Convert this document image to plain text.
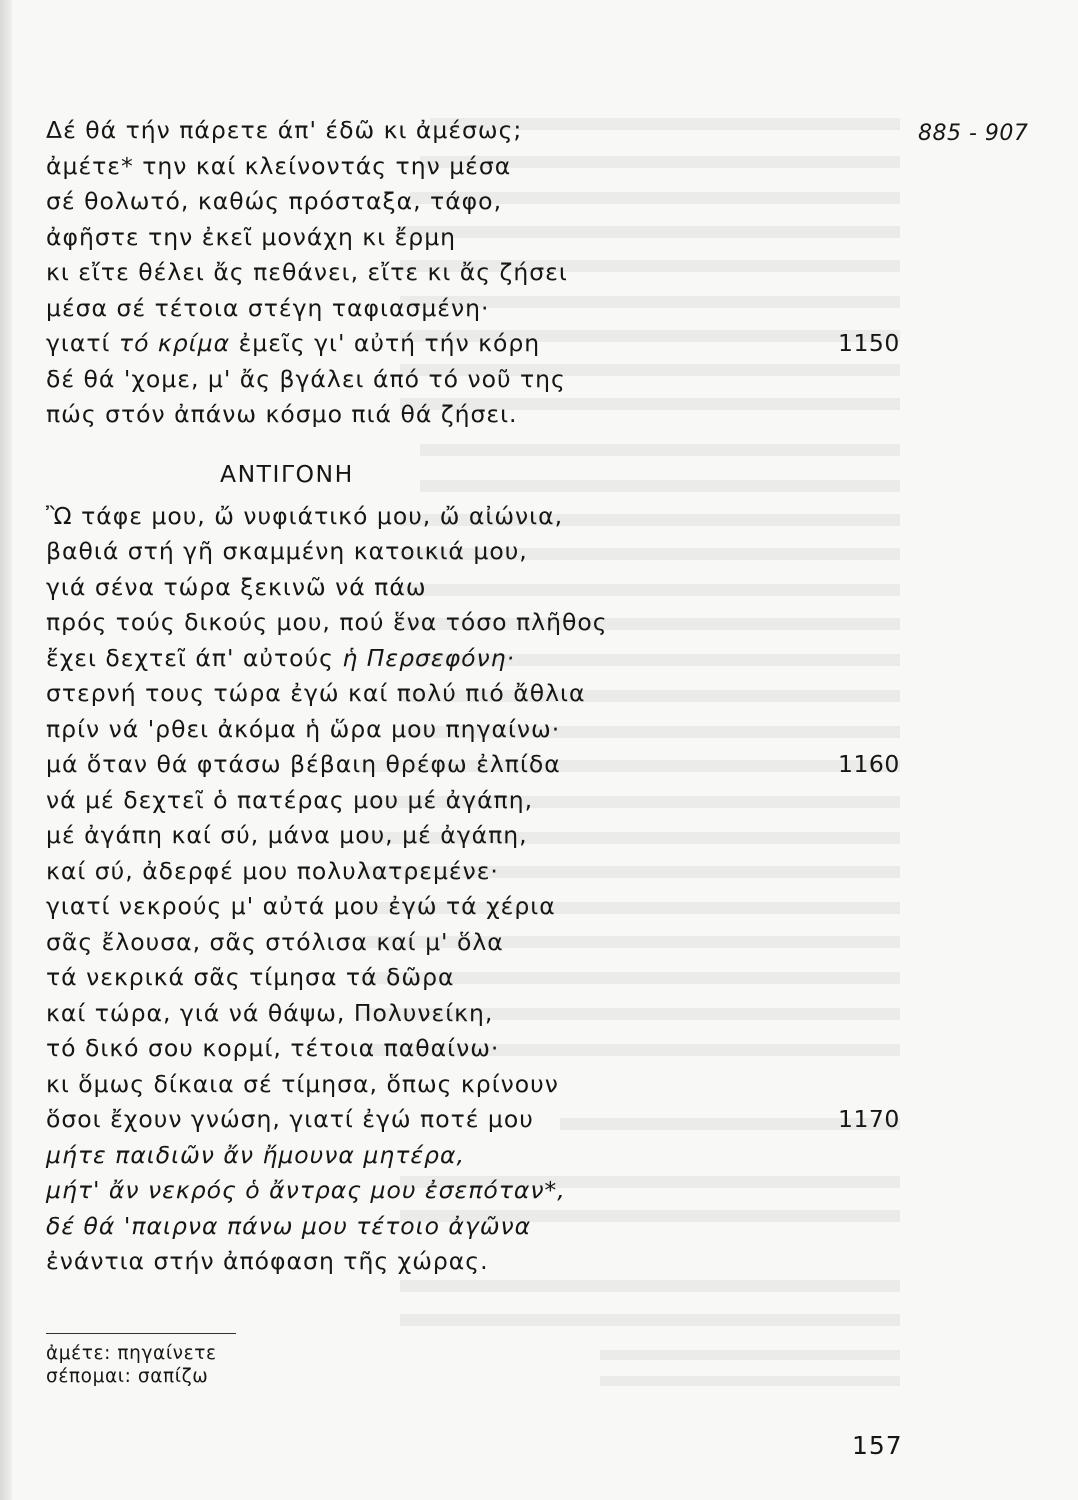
885 - 907
Δέ θά τήν πάρετε άπ' έδῶ κι ἀμέσως;
ἀμέτε* την καί κλείνοντάς την μέσα
σέ θολωτό, καθώς πρόσταξα, τάφο,
ἀφῆστε την ἐκεῖ μονάχη κι ἔρμη
κι εἴτε θέλει ἄς πεθάνει, εἴτε κι ἄς ζήσει
μέσα σέ τέτοια στέγη ταφιασμένη·
γιατί τό κρίμα ἐμεῖς γι' αὐτή τήν κόρη	1150
δέ θά 'χομε, μ' ἄς βγάλει άπό τό νοῦ της
πώς στόν ἀπάνω κόσμο πιά θά ζήσει.
ΑΝΤΙΓΟΝΗ
Ὢ τάφε μου, ὤ νυφιάτικό μου, ὤ αἰώνια,
βαθιά στή γῆ σκαμμένη κατοικιά μου,
γιά σένα τώρα ξεκινῶ νά πάω
πρός τούς δικούς μου, πού ἕνα τόσο πλῆθος
ἔχει δεχτεῖ άπ' αὐτούς ἡ Περσεφόνη·
στερνή τους τώρα ἐγώ καί πολύ πιό ἄθλια
πρίν νά 'ρθει ἀκόμα ἡ ὥρα μου πηγαίνω·
μά ὅταν θά φτάσω βέβαιη θρέφω ἐλπίδα	1160
νά μέ δεχτεῖ ὁ πατέρας μου μέ ἀγάπη,
μέ ἀγάπη καί σύ, μάνα μου, μέ ἀγάπη,
καί σύ, ἀδερφέ μου πολυλατρεμένε·
γιατί νεκρούς μ' αὐτά μου ἐγώ τά χέρια
σᾶς ἔλουσα, σᾶς στόλισα καί μ' ὅλα
τά νεκρικά σᾶς τίμησα τά δῶρα
καί τώρα, γιά νά θάψω, Πολυνείκη,
τό δικό σου κορμί, τέτοια παθαίνω·
κι ὅμως δίκαια σέ τίμησα, ὅπως κρίνουν
ὅσοι ἔχουν γνώση, γιατί ἐγώ ποτέ μου	1170
μήτε παιδιῶν ἄν ἤμουνα μητέρα,
μήτ' ἄν νεκρός ὁ ἄντρας μου ἐσεπόταν*,
δέ θά 'παιρνα πάνω μου τέτοιο ἀγῶνα
ἐνάντια στήν ἀπόφαση τῆς χώρας.
ἀμέτε: πηγαίνετε
σέπομαι: σαπίζω
157
